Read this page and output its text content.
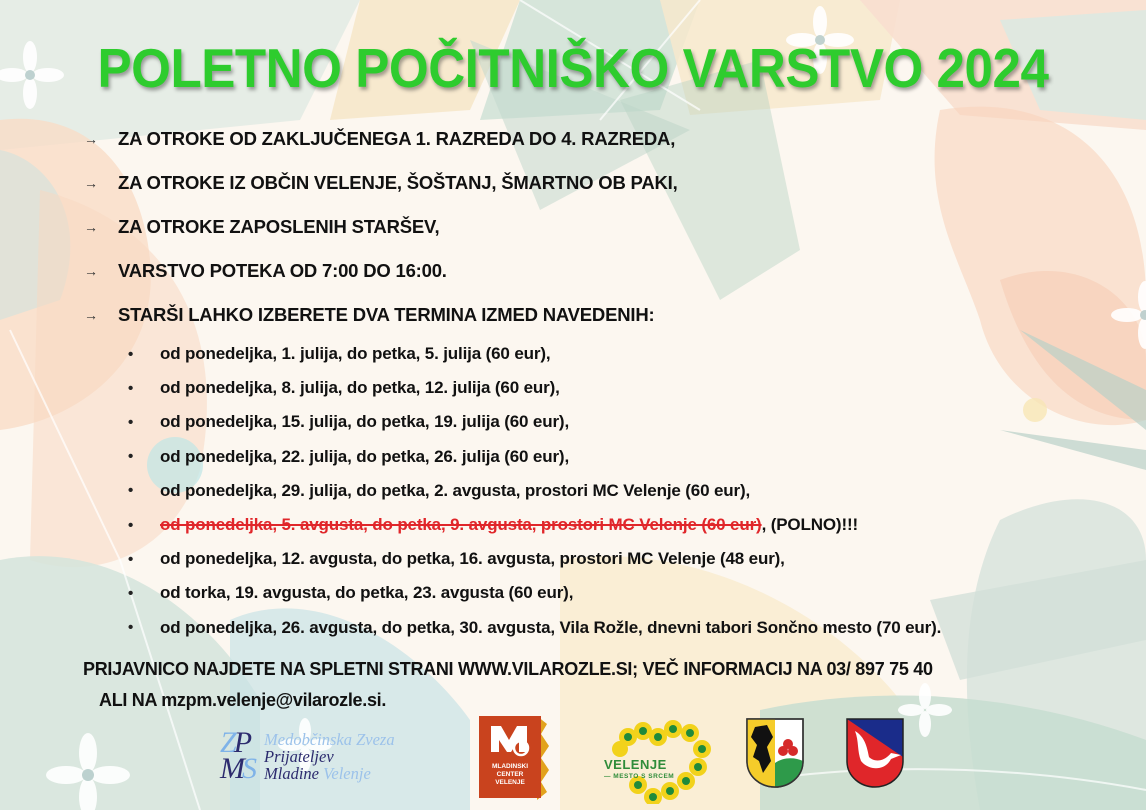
POLETNO POČITNIŠKO VARSTVO 2024
→	ZA OTROKE OD ZAKLJUČENEGA 1. RAZREDA DO 4. RAZREDA,
→	ZA OTROKE IZ OBČIN VELENJE, ŠOŠTANJ, ŠMARTNO OB PAKI,
→	ZA OTROKE ZAPOSLENIH STARŠEV,
→	VARSTVO POTEKA OD 7:00 DO 16:00.
→	STARŠI LAHKO IZBERETE DVA TERMINA IZMED NAVEDENIH:
•	od ponedeljka, 1. julija, do petka, 5. julija (60 eur),
•	od ponedeljka, 8. julija, do petka, 12. julija (60 eur),
•	od ponedeljka, 15. julija, do petka, 19. julija (60 eur),
•	od ponedeljka, 22. julija, do petka, 26. julija (60 eur),
•	od ponedeljka, 29. julija, do petka, 2. avgusta, prostori MC Velenje (60 eur),
•	od ponedeljka, 5. avgusta, do petka, 9. avgusta, prostori MC Velenje (60 eur) , (POLNO)!!!
•	od ponedeljka, 12. avgusta, do petka, 16. avgusta, prostori MC Velenje (48 eur),
•	od torka, 19. avgusta, do petka, 23. avgusta (60 eur),
•	od ponedeljka, 26. avgusta, do petka, 30. avgusta, Vila Rožle, dnevni tabori Sončno mesto (70 eur).
PRIJAVNICO NAJDETE NA SPLETNI STRANI WWW.VILAROZLE.SI; VEČ INFORMACIJ NA 03/ 897 75 40
ALI NA mzpm.velenje@vilarozle.si.
ZP
MS
Medobčinska Zveza
Prijateljev
Mladine Velenje	MLADINSKI
CENTER
VELENJE
VELENJE
— MESTO S SRCEM
